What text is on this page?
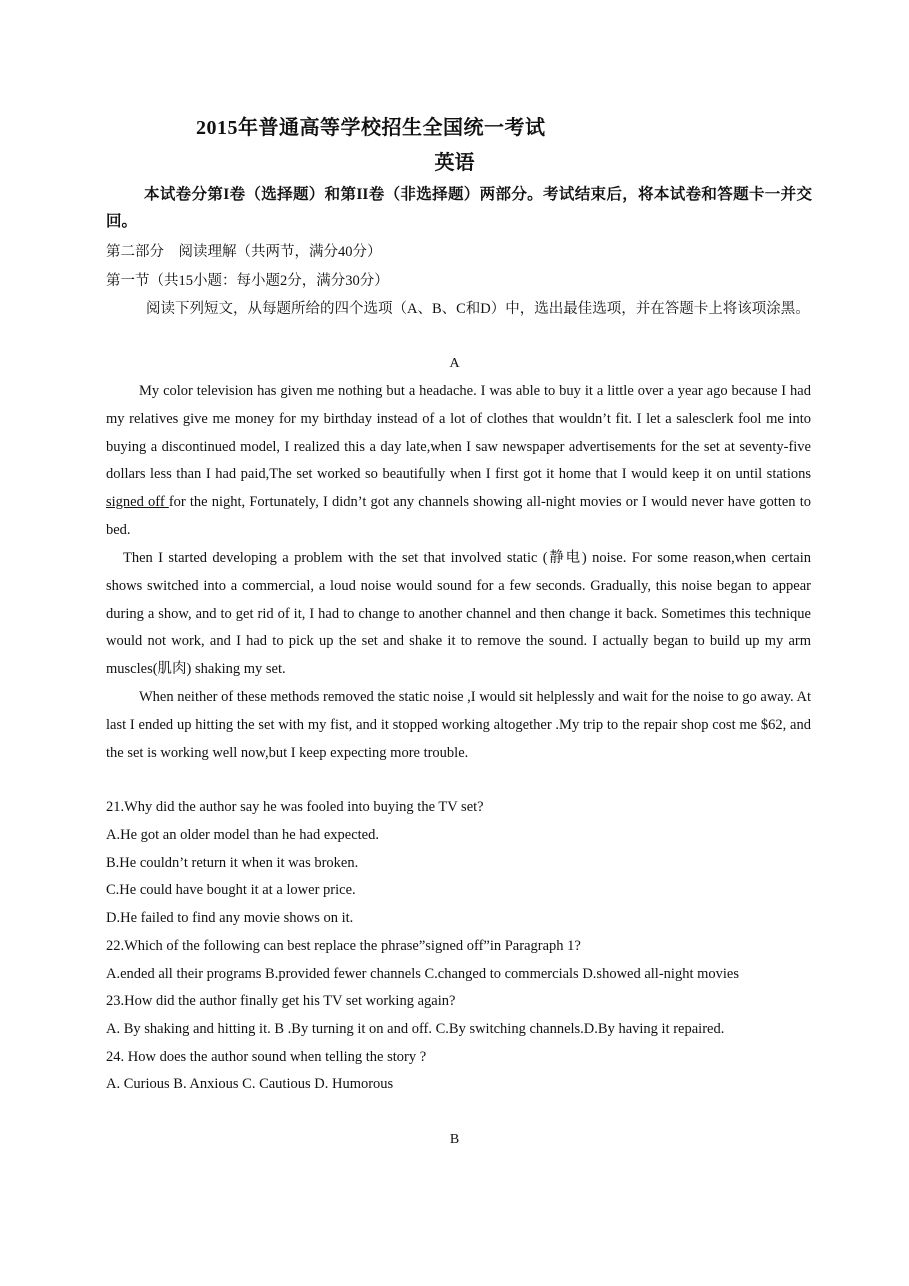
2015年普通高等学校招生全国统一考试
英语
本试卷分第I卷（选择题）和第II卷（非选择题）两部分。考试结束后，将本试卷和答题卡一并交回。
第二部分　阅读理解（共两节，满分40分）
第一节（共15小题：每小题2分，满分30分）
阅读下列短文，从每题所给的四个选项（A、B、C和D）中，选出最佳选项，并在答题卡上将该项涂黑。
A
My color television has given me nothing but a headache. I was able to buy it a little over a year ago because I had my relatives give me money for my birthday instead of a lot of clothes that wouldn’t fit. I let a salesclerk fool me into buying a discontinued model, I realized this a day late,when I saw newspaper advertisements for the set at seventy-five dollars less than I had paid,The set worked so beautifully when I first got it home that I would keep it on until stations signed off for the night, Fortunately, I didn’t got any channels showing all-night movies or I would never have gotten to bed.
Then I started developing a problem with the set that involved static (静电) noise. For some reason,when certain shows switched into a commercial, a loud noise would sound for a few seconds. Gradually, this noise began to appear during a show, and to get rid of it, I had to change to another channel and then change it back. Sometimes this technique would not work, and I had to pick up the set and shake it to remove the sound. I actually began to build up my arm muscles(肌肉) shaking my set.
When neither of these methods removed the static noise ,I would sit helplessly and wait for the noise to go away. At last I ended up hitting the set with my fist, and it stopped working altogether .My trip to the repair shop cost me $62, and the set is working well now,but I keep expecting more trouble.
21.Why did the author say he was fooled into buying the TV set?
A.He got an older model than he had expected.
B.He couldn’t return it when it was broken.
C.He could have bought it at a lower price.
D.He failed to find any movie shows on it.
22.Which of the following can best replace the phrase”signed off”in Paragraph 1?
A.ended all their programs B.provided fewer channels C.changed to commercials D.showed all-night movies
23.How did the author finally get his TV set working again?
A. By shaking and hitting it. B .By turning it on and off. C.By switching channels.D.By having it repaired.
24. How does the author sound when telling the story ?
A. Curious B. Anxious C. Cautious D. Humorous
B
